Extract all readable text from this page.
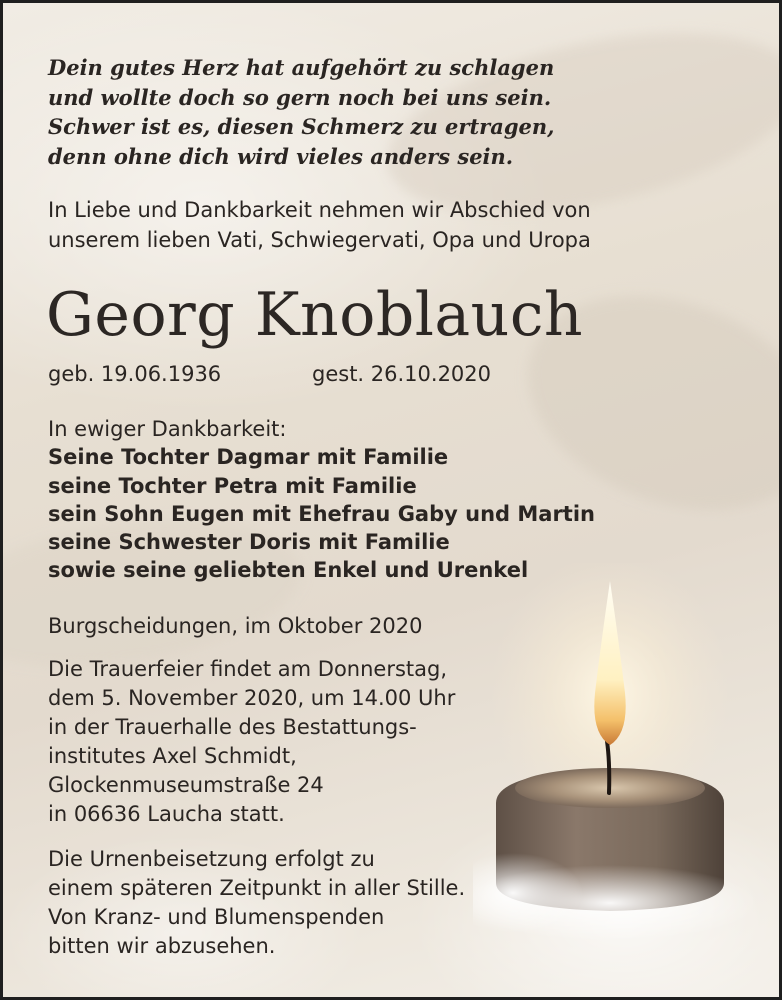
Dein gutes Herz hat aufgehört zu schlagen
und wollte doch so gern noch bei uns sein.
Schwer ist es, diesen Schmerz zu ertragen,
denn ohne dich wird vieles anders sein.
In Liebe und Dankbarkeit nehmen wir Abschied von
unserem lieben Vati, Schwiegervati, Opa und Uropa
Georg Knoblauch
geb. 19.06.1936	gest. 26.10.2020
In ewiger Dankbarkeit:
Seine Tochter Dagmar mit Familie
seine Tochter Petra mit Familie
sein Sohn Eugen mit Ehefrau Gaby und Martin
seine Schwester Doris mit Familie
sowie seine geliebten Enkel und Urenkel
Burgscheidungen, im Oktober 2020
Die Trauerfeier findet am Donnerstag,
dem 5. November 2020, um 14.00 Uhr
in der Trauerhalle des Bestattungs-
institutes Axel Schmidt,
Glockenmuseumstraße 24
in 06636 Laucha statt.
Die Urnenbeisetzung erfolgt zu
einem späteren Zeitpunkt in aller Stille.
Von Kranz- und Blumenspenden
bitten wir abzusehen.
